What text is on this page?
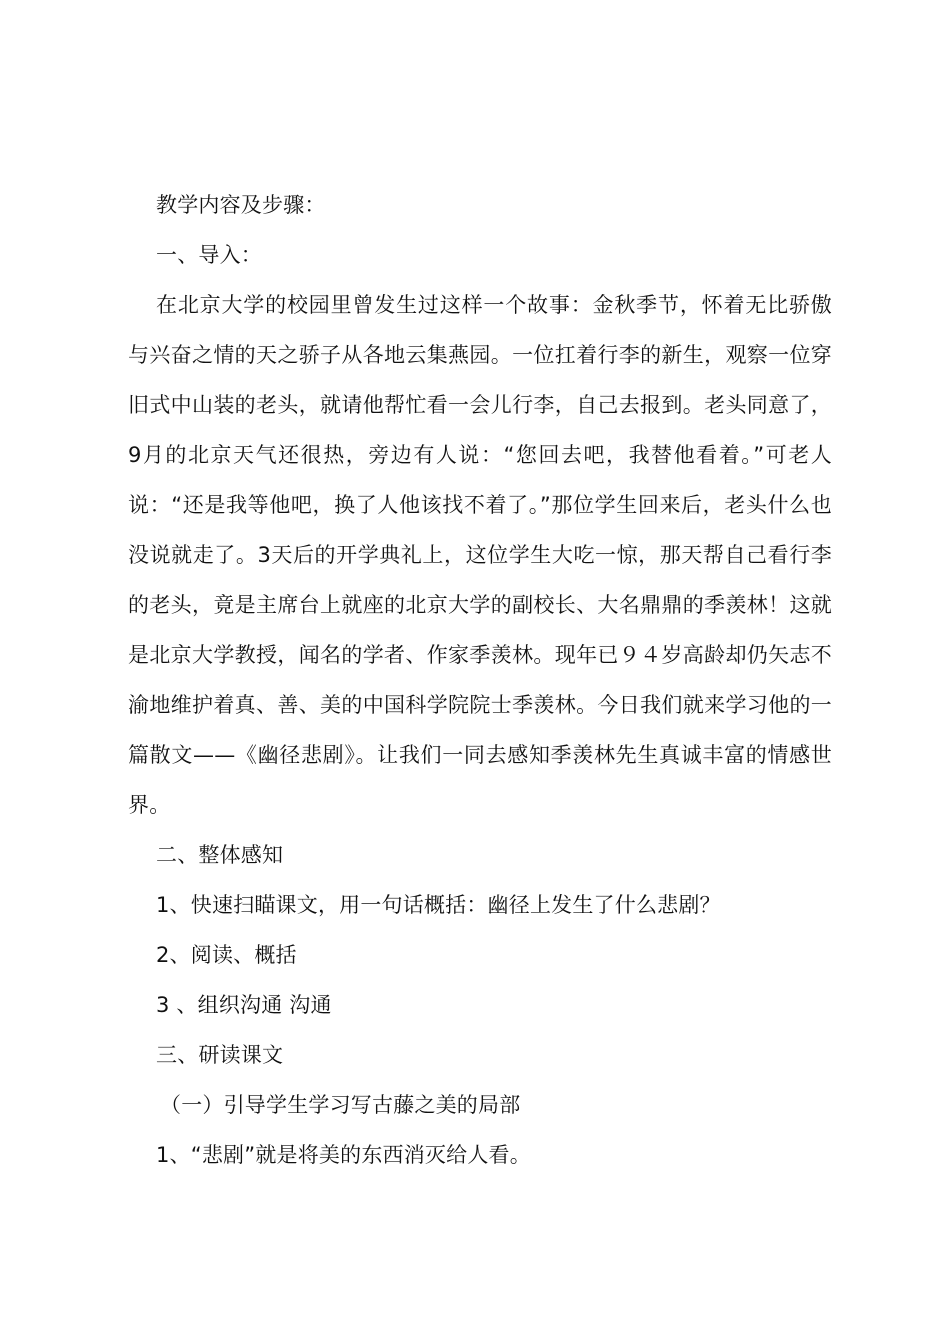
教学内容及步骤：

一、导入：

在北京大学的校园里曾发生过这样一个故事：金秋季节，怀着无比骄傲与兴奋之情的天之骄子从各地云集燕园。一位扛着行李的新生，观察一位穿旧式中山装的老头，就请他帮忙看一会儿行李，自己去报到。老头同意了，9月的北京天气还很热，旁边有人说：“您回去吧，我替他看着。”可老人说：“还是我等他吧，换了人他该找不着了。”那位学生回来后，老头什么也没说就走了。3天后的开学典礼上，这位学生大吃一惊，那天帮自己看行李的老头，竟是主席台上就座的北京大学的副校长、大名鼎鼎的季羡林！这就是北京大学教授，闻名的学者、作家季羡林。现年已９４岁高龄却仍矢志不渝地维护着真、善、美的中国科学院院士季羡林。今日我们就来学习他的一篇散文——《幽径悲剧》。让我们一同去感知季羡林先生真诚丰富的情感世界。

二、整体感知

1、快速扫瞄课文，用一句话概括：幽径上发生了什么悲剧？

2、阅读、概括

3 、组织沟通 沟通

三、研读课文

（一）引导学生学习写古藤之美的局部

1、“悲剧”就是将美的东西消灭给人看。
